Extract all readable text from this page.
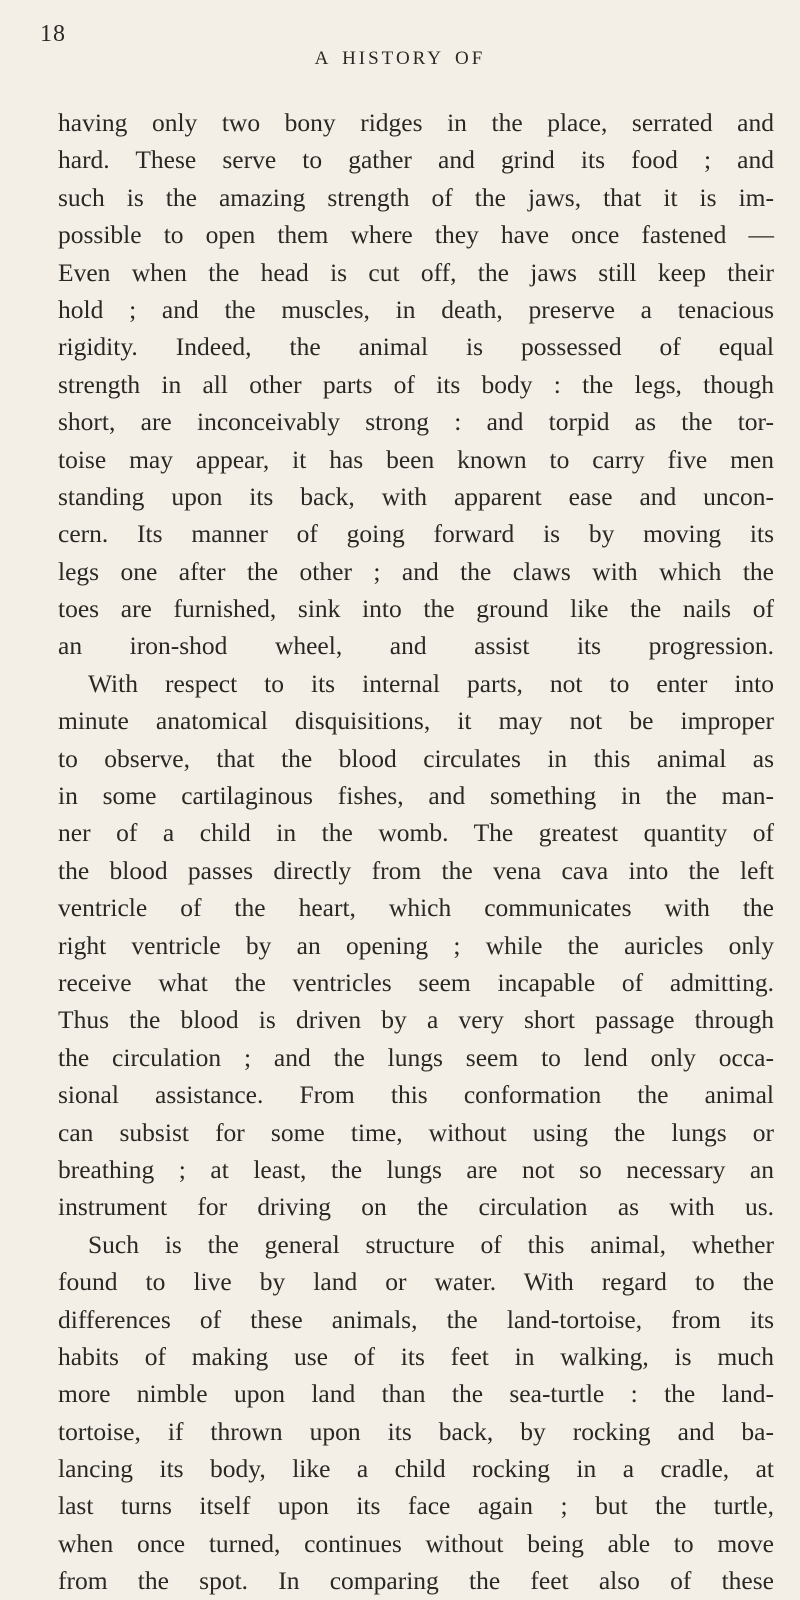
18
A HISTORY OF
having only two bony ridges in the place, serrated and
hard. These serve to gather and grind its food ; and
such is the amazing strength of the jaws, that it is im-
possible to open them where they have once fastened —
Even when the head is cut off, the jaws still keep their
hold ; and the muscles, in death, preserve a tenacious
rigidity. Indeed, the animal is possessed of equal
strength in all other parts of its body : the legs, though
short, are inconceivably strong : and torpid as the tor-
toise may appear, it has been known to carry five men
standing upon its back, with apparent ease and uncon-
cern. Its manner of going forward is by moving its
legs one after the other ; and the claws with which the
toes are furnished, sink into the ground like the nails of
an iron-shod wheel, and assist its progression.
With respect to its internal parts, not to enter into
minute anatomical disquisitions, it may not be improper
to observe, that the blood circulates in this animal as
in some cartilaginous fishes, and something in the man-
ner of a child in the womb. The greatest quantity of
the blood passes directly from the vena cava into the left
ventricle of the heart, which communicates with the
right ventricle by an opening ; while the auricles only
receive what the ventricles seem incapable of admitting.
Thus the blood is driven by a very short passage through
the circulation ; and the lungs seem to lend only occa-
sional assistance. From this conformation the animal
can subsist for some time, without using the lungs or
breathing ; at least, the lungs are not so necessary an
instrument for driving on the circulation as with us.
Such is the general structure of this animal, whether
found to live by land or water. With regard to the
differences of these animals, the land-tortoise, from its
habits of making use of its feet in walking, is much
more nimble upon land than the sea-turtle : the land-
tortoise, if thrown upon its back, by rocking and ba-
lancing its body, like a child rocking in a cradle, at
last turns itself upon its face again ; but the turtle,
when once turned, continues without being able to move
from the spot. In comparing the feet also of these
